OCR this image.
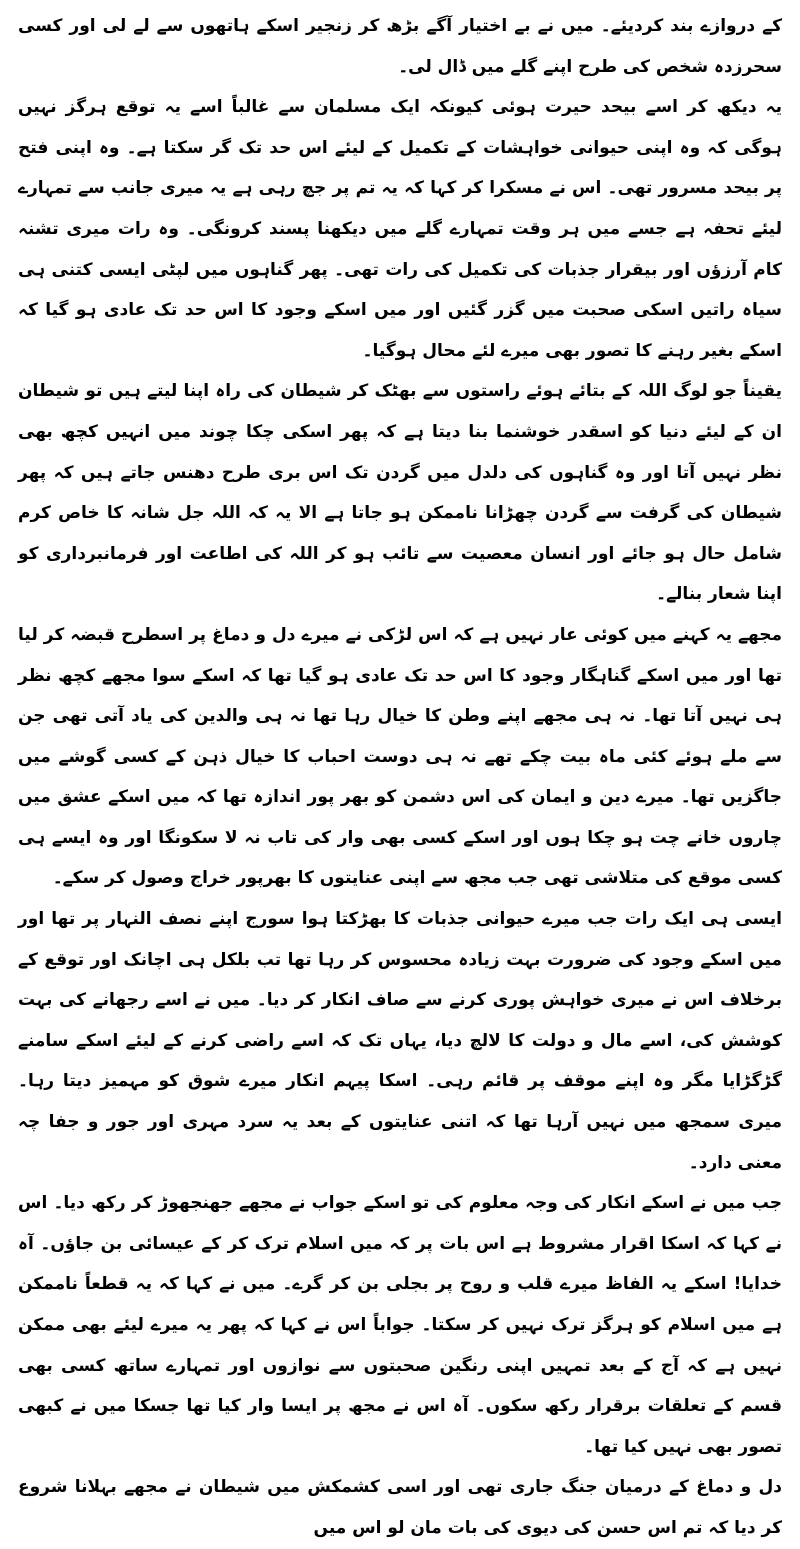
کے دروازے بند کردیئے۔ میں نے بے اختیار آگے بڑھ کر زنجیر اسکے ہاتھوں سے لے لی اور کسی سحرزدہ شخص کی طرح اپنے گلے میں ڈال لی۔

یہ دیکھ کر اسے بیحد حیرت ہوئی کیونکہ ایک مسلمان سے غالباً اسے یہ توقع ہرگز نہیں ہوگی کہ وہ اپنی حیوانی خواہشات کے تکمیل کے لیئے اس حد تک گر سکتا ہے۔ وہ اپنی فتح پر بیحد مسرور تھی۔ اس نے مسکرا کر کہا کہ یہ تم پر جچ رہی ہے یہ میری جانب سے تمہارے لیئے تحفہ ہے جسے میں ہر وقت تمہارے گلے میں دیکھنا پسند کرونگی۔ وہ رات میری تشنہ کام آرزؤں اور بیقرار جذبات کی تکمیل کی رات تھی۔ پھر گناہوں میں لپٹی ایسی کتنی ہی سیاہ راتیں اسکی صحبت میں گزر گئیں اور میں اسکے وجود کا اس حد تک عادی ہو گیا کہ اسکے بغیر رہنے کا تصور بھی میرے لئے محال ہوگیا۔

یقیناً جو لوگ اللہ کے بتائے ہوئے راستوں سے بھٹک کر شیطان کی راہ اپنا لیتے ہیں تو شیطان ان کے لیئے دنیا کو اسقدر خوشنما بنا دیتا ہے کہ پھر اسکی چکا چوند میں انہیں کچھ بھی نظر نہیں آتا اور وہ گناہوں کی دلدل میں گردن تک اس بری طرح دھنس جاتے ہیں کہ پھر شیطان کی گرفت سے گردن چھڑانا ناممکن ہو جاتا ہے الا یہ کہ اللہ جل شانہ کا خاص کرم شامل حال ہو جائے اور انسان معصیت سے تائب ہو کر اللہ کی اطاعت اور فرمانبرداری کو اپنا شعار بنالے۔

مجھے یہ کہنے میں کوئی عار نہیں ہے کہ اس لڑکی نے میرے دل و دماغ پر اسطرح قبضہ کر لیا تھا اور میں اسکے گناہگار وجود کا اس حد تک عادی ہو گیا تھا کہ اسکے سوا مجھے کچھ نظر ہی نہیں آتا تھا۔ نہ ہی مجھے اپنے وطن کا خیال رہا تھا نہ ہی والدین کی یاد آتی تھی جن سے ملے ہوئے کئی ماہ بیت چکے تھے نہ ہی دوست احباب کا خیال ذہن کے کسی گوشے میں جاگزیں تھا۔ میرے دین و ایمان کی اس دشمن کو بھر پور اندازہ تھا کہ میں اسکے عشق میں چاروں خانے چت ہو چکا ہوں اور اسکے کسی بھی وار کی تاب نہ لا سکونگا اور وہ ایسے ہی کسی موقع کی متلاشی تھی جب مجھ سے اپنی عنایتوں کا بھرپور خراج وصول کر سکے۔

ایسی ہی ایک رات جب میرے حیوانی جذبات کا بھڑکتا ہوا سورج اپنے نصف النہار پر تھا اور میں اسکے وجود کی ضرورت بہت زیادہ محسوس کر رہا تھا تب بلکل ہی اچانک اور توقع کے برخلاف اس نے میری خواہش پوری کرنے سے صاف انکار کر دیا۔ میں نے اسے رجھانے کی بہت کوشش کی، اسے مال و دولت کا لالچ دیا، یہاں تک کہ اسے راضی کرنے کے لیئے اسکے سامنے گڑگڑایا مگر وہ اپنے موقف پر قائم رہی۔ اسکا پیہم انکار میرے شوق کو مہمیز دیتا رہا۔ میری سمجھ میں نہیں آرہا تھا کہ اتنی عنایتوں کے بعد یہ سرد مہری اور جور و جفا چہ معنی دارد۔

جب میں نے اسکے انکار کی وجہ معلوم کی تو اسکے جواب نے مجھے جھنجھوڑ کر رکھ دیا۔ اس نے کہا کہ اسکا اقرار مشروط ہے اس بات پر کہ میں اسلام ترک کر کے عیسائی بن جاؤں۔ آہ خدایا! اسکے یہ الفاظ میرے قلب و روح پر بجلی بن کر گرے۔ میں نے کہا کہ یہ قطعاً ناممکن ہے میں اسلام کو ہرگز ترک نہیں کر سکتا۔ جواباً اس نے کہا کہ پھر یہ میرے لیئے بھی ممکن نہیں ہے کہ آج کے بعد تمہیں اپنی رنگین صحبتوں سے نوازوں اور تمہارے ساتھ کسی بھی قسم کے تعلقات برقرار رکھ سکوں۔ آہ اس نے مجھ پر ایسا وار کیا تھا جسکا میں نے کبھی تصور بھی نہیں کیا تھا۔

دل و دماغ کے درمیان جنگ جاری تھی اور اسی کشمکش میں شیطان نے مجھے بہلانا شروع کر دیا کہ تم اس حسن کی دیوی کی بات مان لو اس میں
